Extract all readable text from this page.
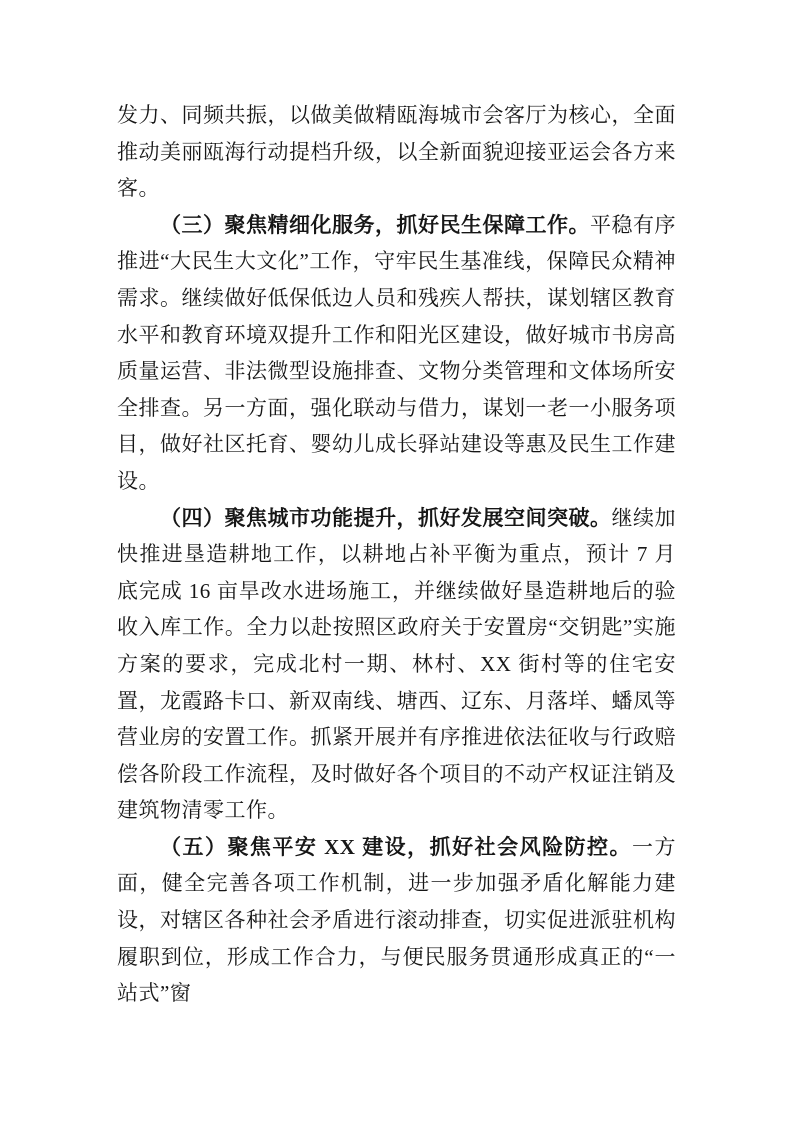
发力、同频共振，以做美做精瓯海城市会客厅为核心，全面推动美丽瓯海行动提档升级，以全新面貌迎接亚运会各方来客。

（三）聚焦精细化服务，抓好民生保障工作。平稳有序推进“大民生大文化”工作，守牢民生基准线，保障民众精神需求。继续做好低保低边人员和残疾人帮扶，谋划辖区教育水平和教育环境双提升工作和阳光区建设，做好城市书房高质量运营、非法微型设施排查、文物分类管理和文体场所安全排查。另一方面，强化联动与借力，谋划一老一小服务项目，做好社区托育、婴幼儿成长驿站建设等惠及民生工作建设。

（四）聚焦城市功能提升，抓好发展空间突破。继续加快推进垦造耕地工作，以耕地占补平衡为重点，预计 7 月底完成 16 亩旱改水进场施工，并继续做好垦造耕地后的验收入库工作。全力以赴按照区政府关于安置房“交钥匙”实施方案的要求，完成北村一期、林村、XX 街村等的住宅安置，龙霞路卡口、新双南线、塘西、辽东、月落垟、蟠凤等营业房的安置工作。抓紧开展并有序推进依法征收与行政赔偿各阶段工作流程，及时做好各个项目的不动产权证注销及建筑物清零工作。

（五）聚焦平安 XX 建设，抓好社会风险防控。一方面，健全完善各项工作机制，进一步加强矛盾化解能力建设，对辖区各种社会矛盾进行滚动排查，切实促进派驻机构履职到位，形成工作合力，与便民服务贯通形成真正的“一站式”窗
